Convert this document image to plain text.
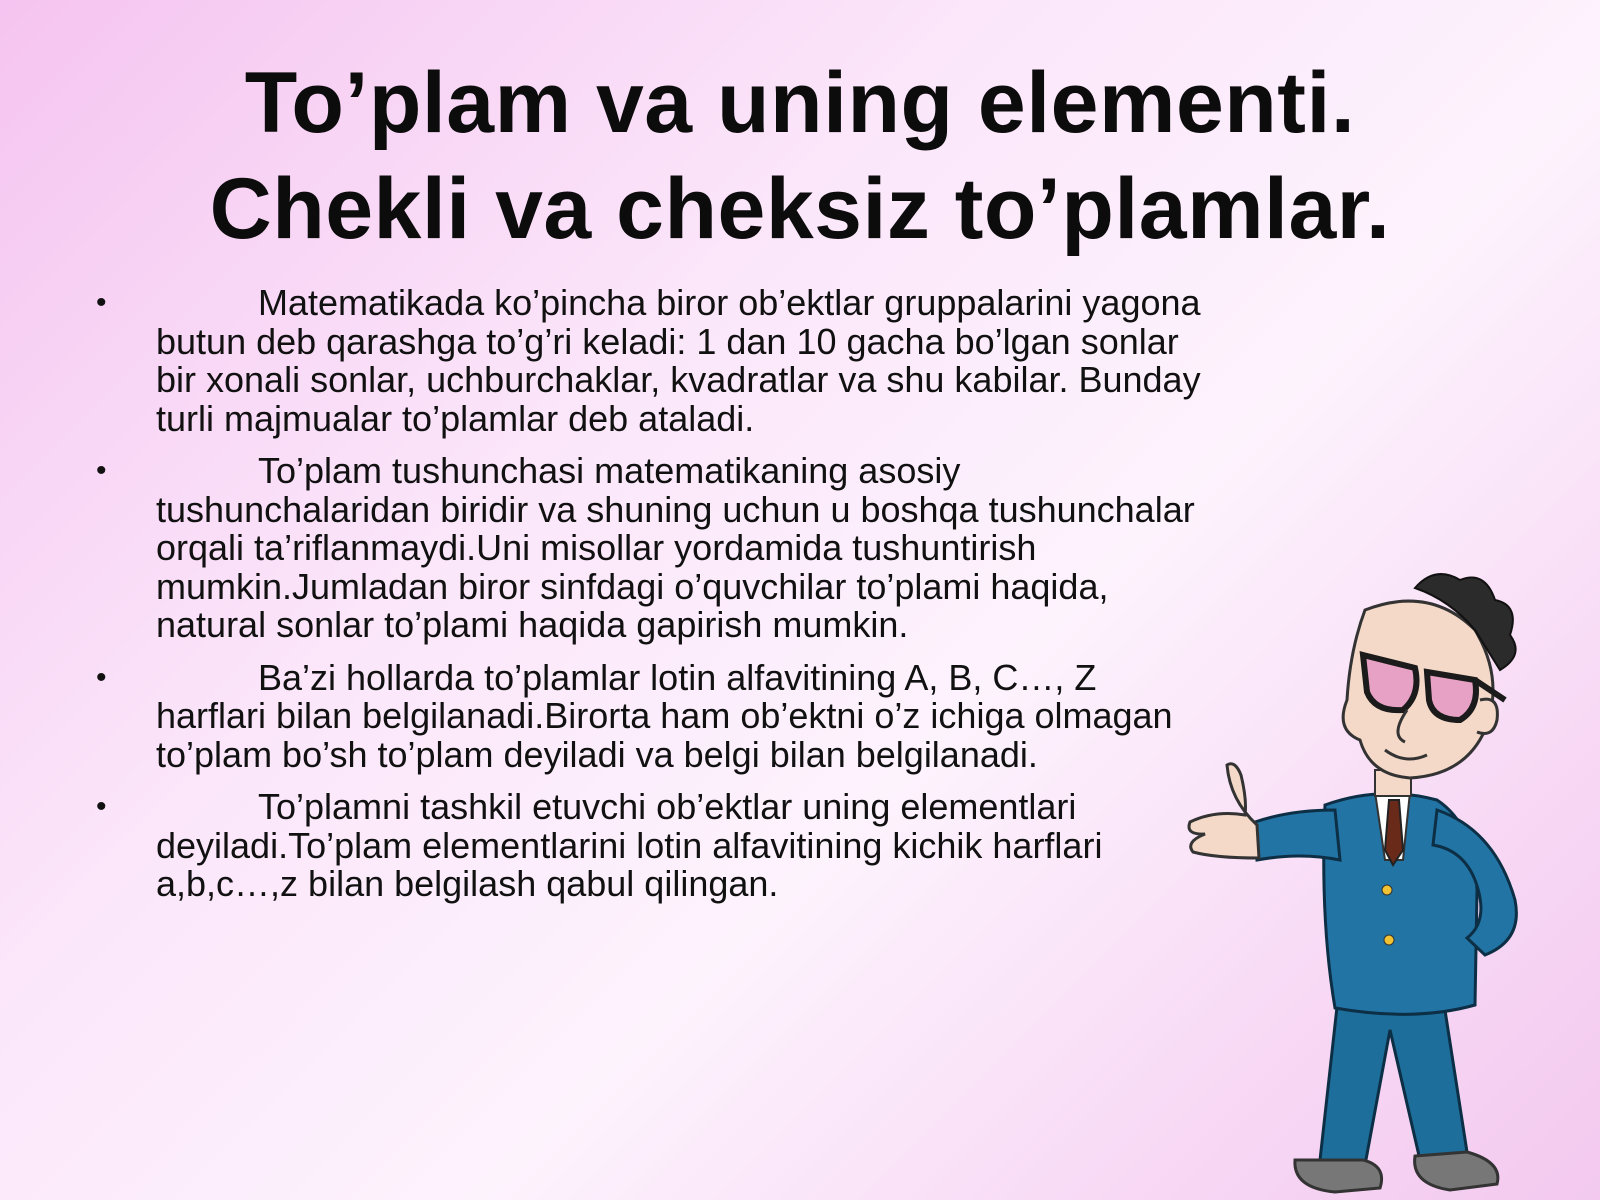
To’plam va uning elementi.
Chekli va cheksiz to’plamlar.
•	Matematikada ko’pincha biror ob’ektlar gruppalarini yagona butun deb qarashga to’g’ri keladi: 1 dan 10 gacha bo’lgan sonlar bir xonali sonlar, uchburchaklar, kvadratlar va shu kabilar. Bunday turli majmualar to’plamlar deb ataladi.
•	To’plam tushunchasi matematikaning asosiy tushunchalaridan biridir va shuning uchun u boshqa tushunchalar orqali ta’riflanmaydi.Uni misollar yordamida tushuntirish mumkin.Jumladan biror sinfdagi o’quvchilar to’plami haqida, natural sonlar to’plami haqida gapirish mumkin.
•	Ba’zi hollarda to’plamlar lotin alfavitining A, B, C…, Z harflari bilan belgilanadi.Birorta ham ob’ektni o’z ichiga olmagan to’plam bo’sh to’plam deyiladi va belgi bilan belgilanadi.
•	To’plamni tashkil etuvchi ob’ektlar uning elementlari deyiladi.To’plam elementlarini lotin alfavitining kichik harflari a,b,c…,z bilan belgilash qabul qilingan.
